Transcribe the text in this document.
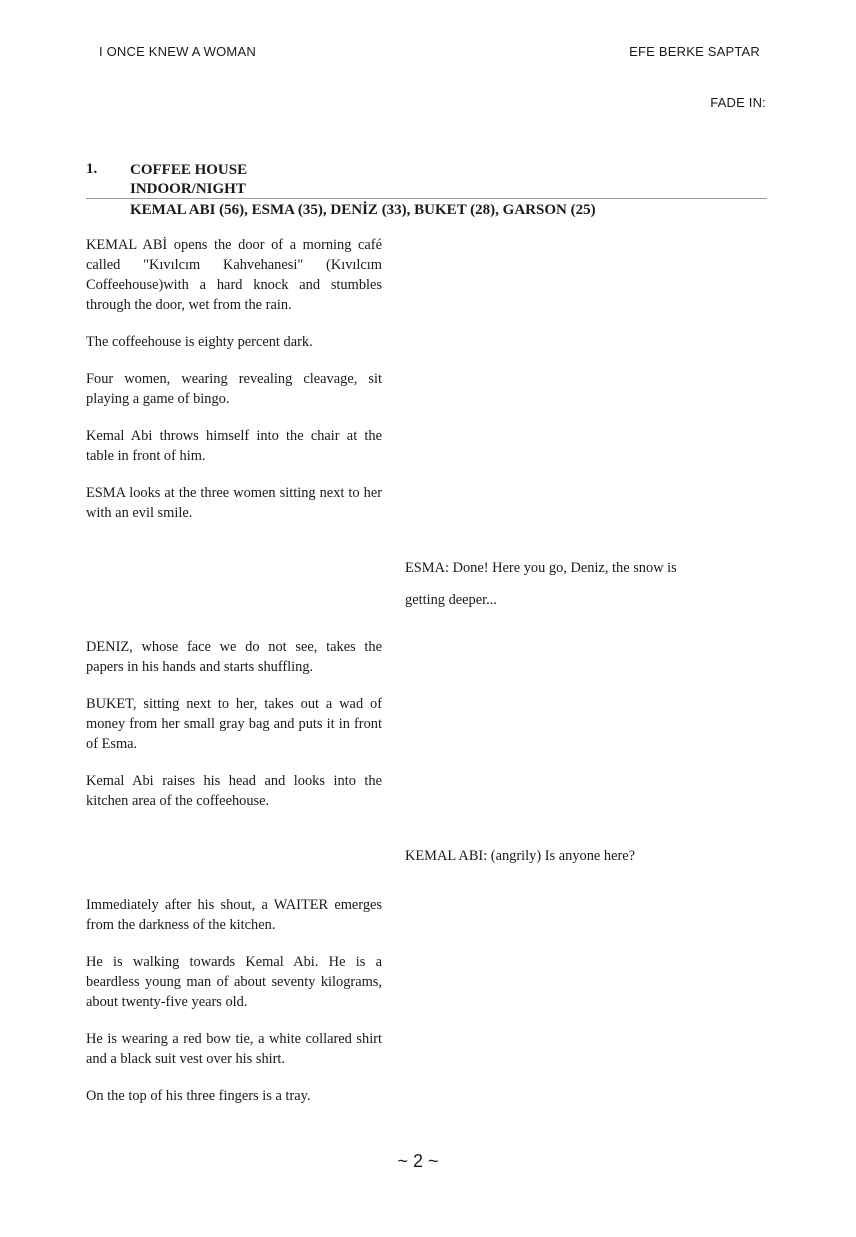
I ONCE KNEW A WOMAN	EFE BERKE SAPTAR
FADE IN:
1. COFFEE HOUSE
INDOOR/NIGHT
KEMAL ABI (56), ESMA (35), DENİZ (33), BUKET (28), GARSON (25)

KEMAL ABİ opens the door of a morning café called "Kıvılcım Kahvehanesi" (Kıvılcım Coffeehouse)with a hard knock and stumbles through the door, wet from the rain.

The coffeehouse is eighty percent dark.

Four women, wearing revealing cleavage, sit playing a game of bingo.

Kemal Abi throws himself into the chair at the table in front of him.

ESMA looks at the three women sitting next to her with an evil smile.

ESMA: Done! Here you go, Deniz, the snow is
getting deeper...

DENIZ, whose face we do not see, takes the papers in his hands and starts shuffling.

BUKET, sitting next to her, takes out a wad of money from her small gray bag and puts it in front of Esma.

Kemal Abi raises his head and looks into the kitchen area of the coffeehouse.

KEMAL ABI: (angrily) Is anyone here?

Immediately after his shout, a WAITER emerges from the darkness of the kitchen.

He is walking towards Kemal Abi. He is a beardless young man of about seventy kilograms, about twenty-five years old.

He is wearing a red bow tie, a white collared shirt and a black suit vest over his shirt.

On the top of his three fingers is a tray.

~ 2 ~
